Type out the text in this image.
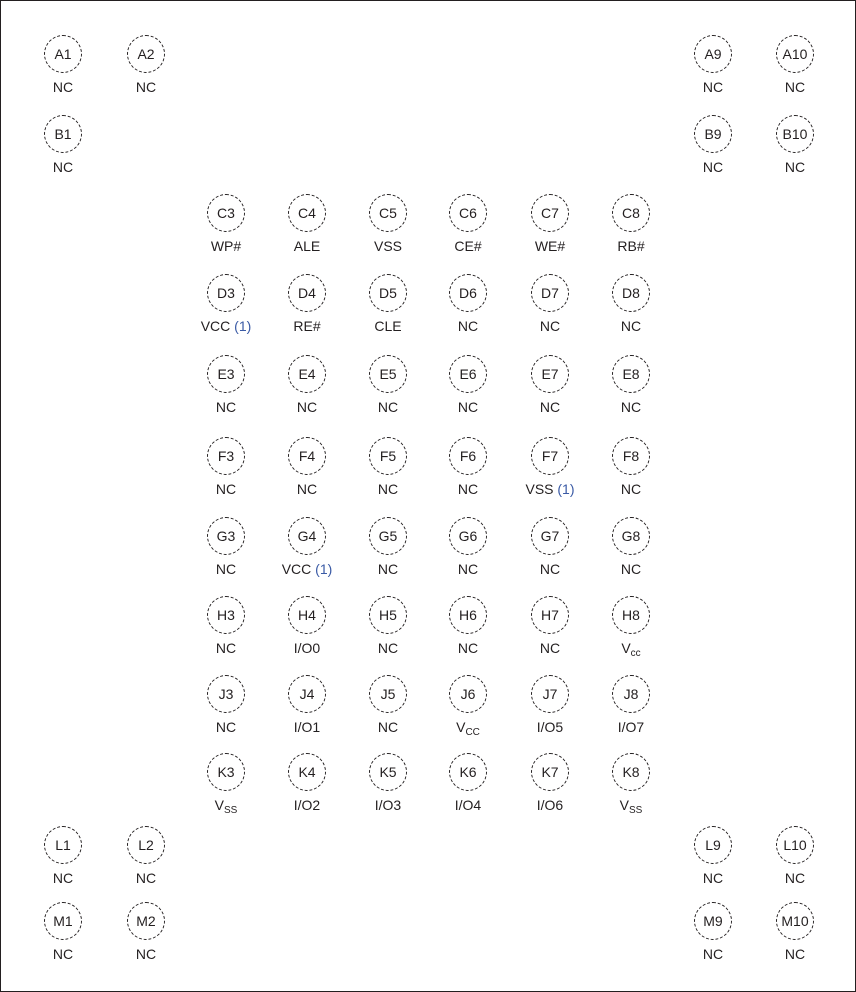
A1
NC
A2
NC
A9
NC
A10
NC
B1
NC
B9
NC
B10
NC
C3
WP#
C4
ALE
C5
VSS
C6
CE#
C7
WE#
C8
RB#
D3
VCC (1)
D4
RE#
D5
CLE
D6
NC
D7
NC
D8
NC
E3
NC
E4
NC
E5
NC
E6
NC
E7
NC
E8
NC
F3
NC
F4
NC
F5
NC
F6
NC
F7
VSS (1)
F8
NC
G3
NC
G4
VCC (1)
G5
NC
G6
NC
G7
NC
G8
NC
H3
NC
H4
I/O0
H5
NC
H6
NC
H7
NC
H8
$V_{cc}$
J3
NC
J4
I/O1
J5
NC
J6
$V_{CC}$
J7
I/O5
J8
I/O7
K3
$V_{SS}$
K4
I/O2
K5
I/O3
K6
I/O4
K7
I/O6
K8
$V_{SS}$
L1
NC
L2
NC
L9
NC
L10
NC
M1
NC
M2
NC
M9
NC
M10
NC
